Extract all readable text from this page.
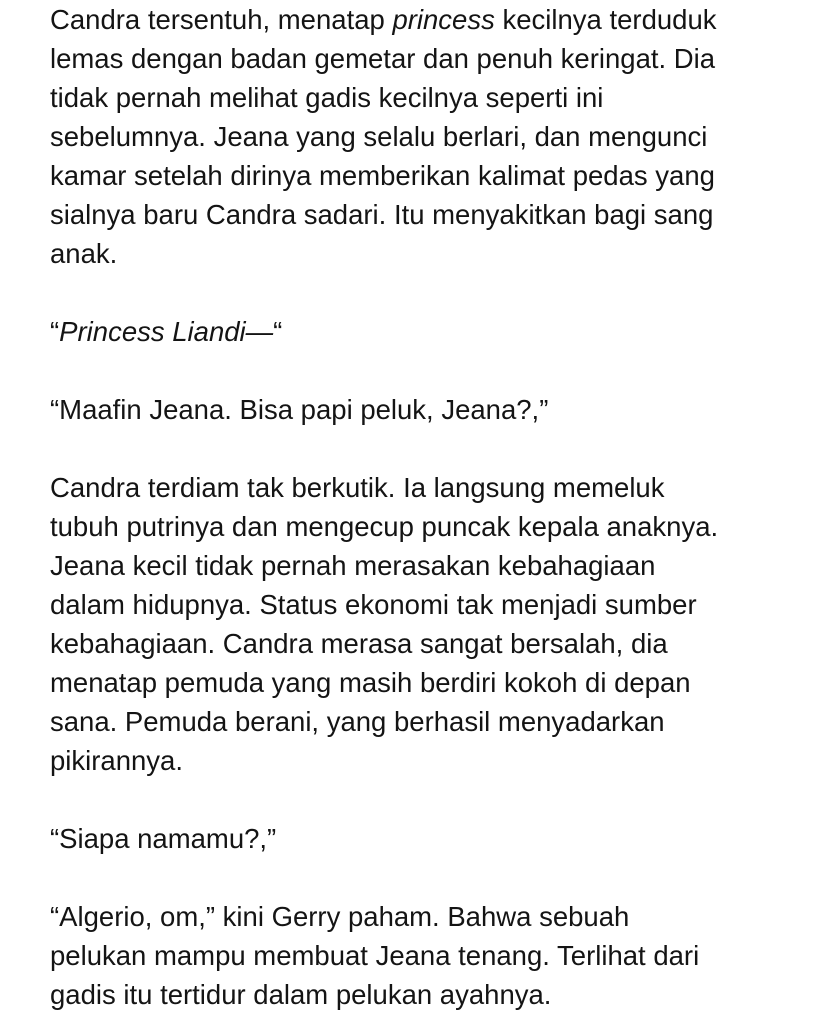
Candra tersentuh, menatap princess kecilnya terduduk
lemas dengan badan gemetar dan penuh keringat. Dia
tidak pernah melihat gadis kecilnya seperti ini
sebelumnya. Jeana yang selalu berlari, dan mengunci
kamar setelah dirinya memberikan kalimat pedas yang
sialnya baru Candra sadari. Itu menyakitkan bagi sang
anak.

“Princess Liandi—“

“Maafin Jeana. Bisa papi peluk, Jeana?,”

Candra terdiam tak berkutik. Ia langsung memeluk
tubuh putrinya dan mengecup puncak kepala anaknya.
Jeana kecil tidak pernah merasakan kebahagiaan
dalam hidupnya. Status ekonomi tak menjadi sumber
kebahagiaan. Candra merasa sangat bersalah, dia
menatap pemuda yang masih berdiri kokoh di depan
sana. Pemuda berani, yang berhasil menyadarkan
pikirannya.

“Siapa namamu?,”

“Algerio, om,” kini Gerry paham. Bahwa sebuah
pelukan mampu membuat Jeana tenang. Terlihat dari
gadis itu tertidur dalam pelukan ayahnya.
